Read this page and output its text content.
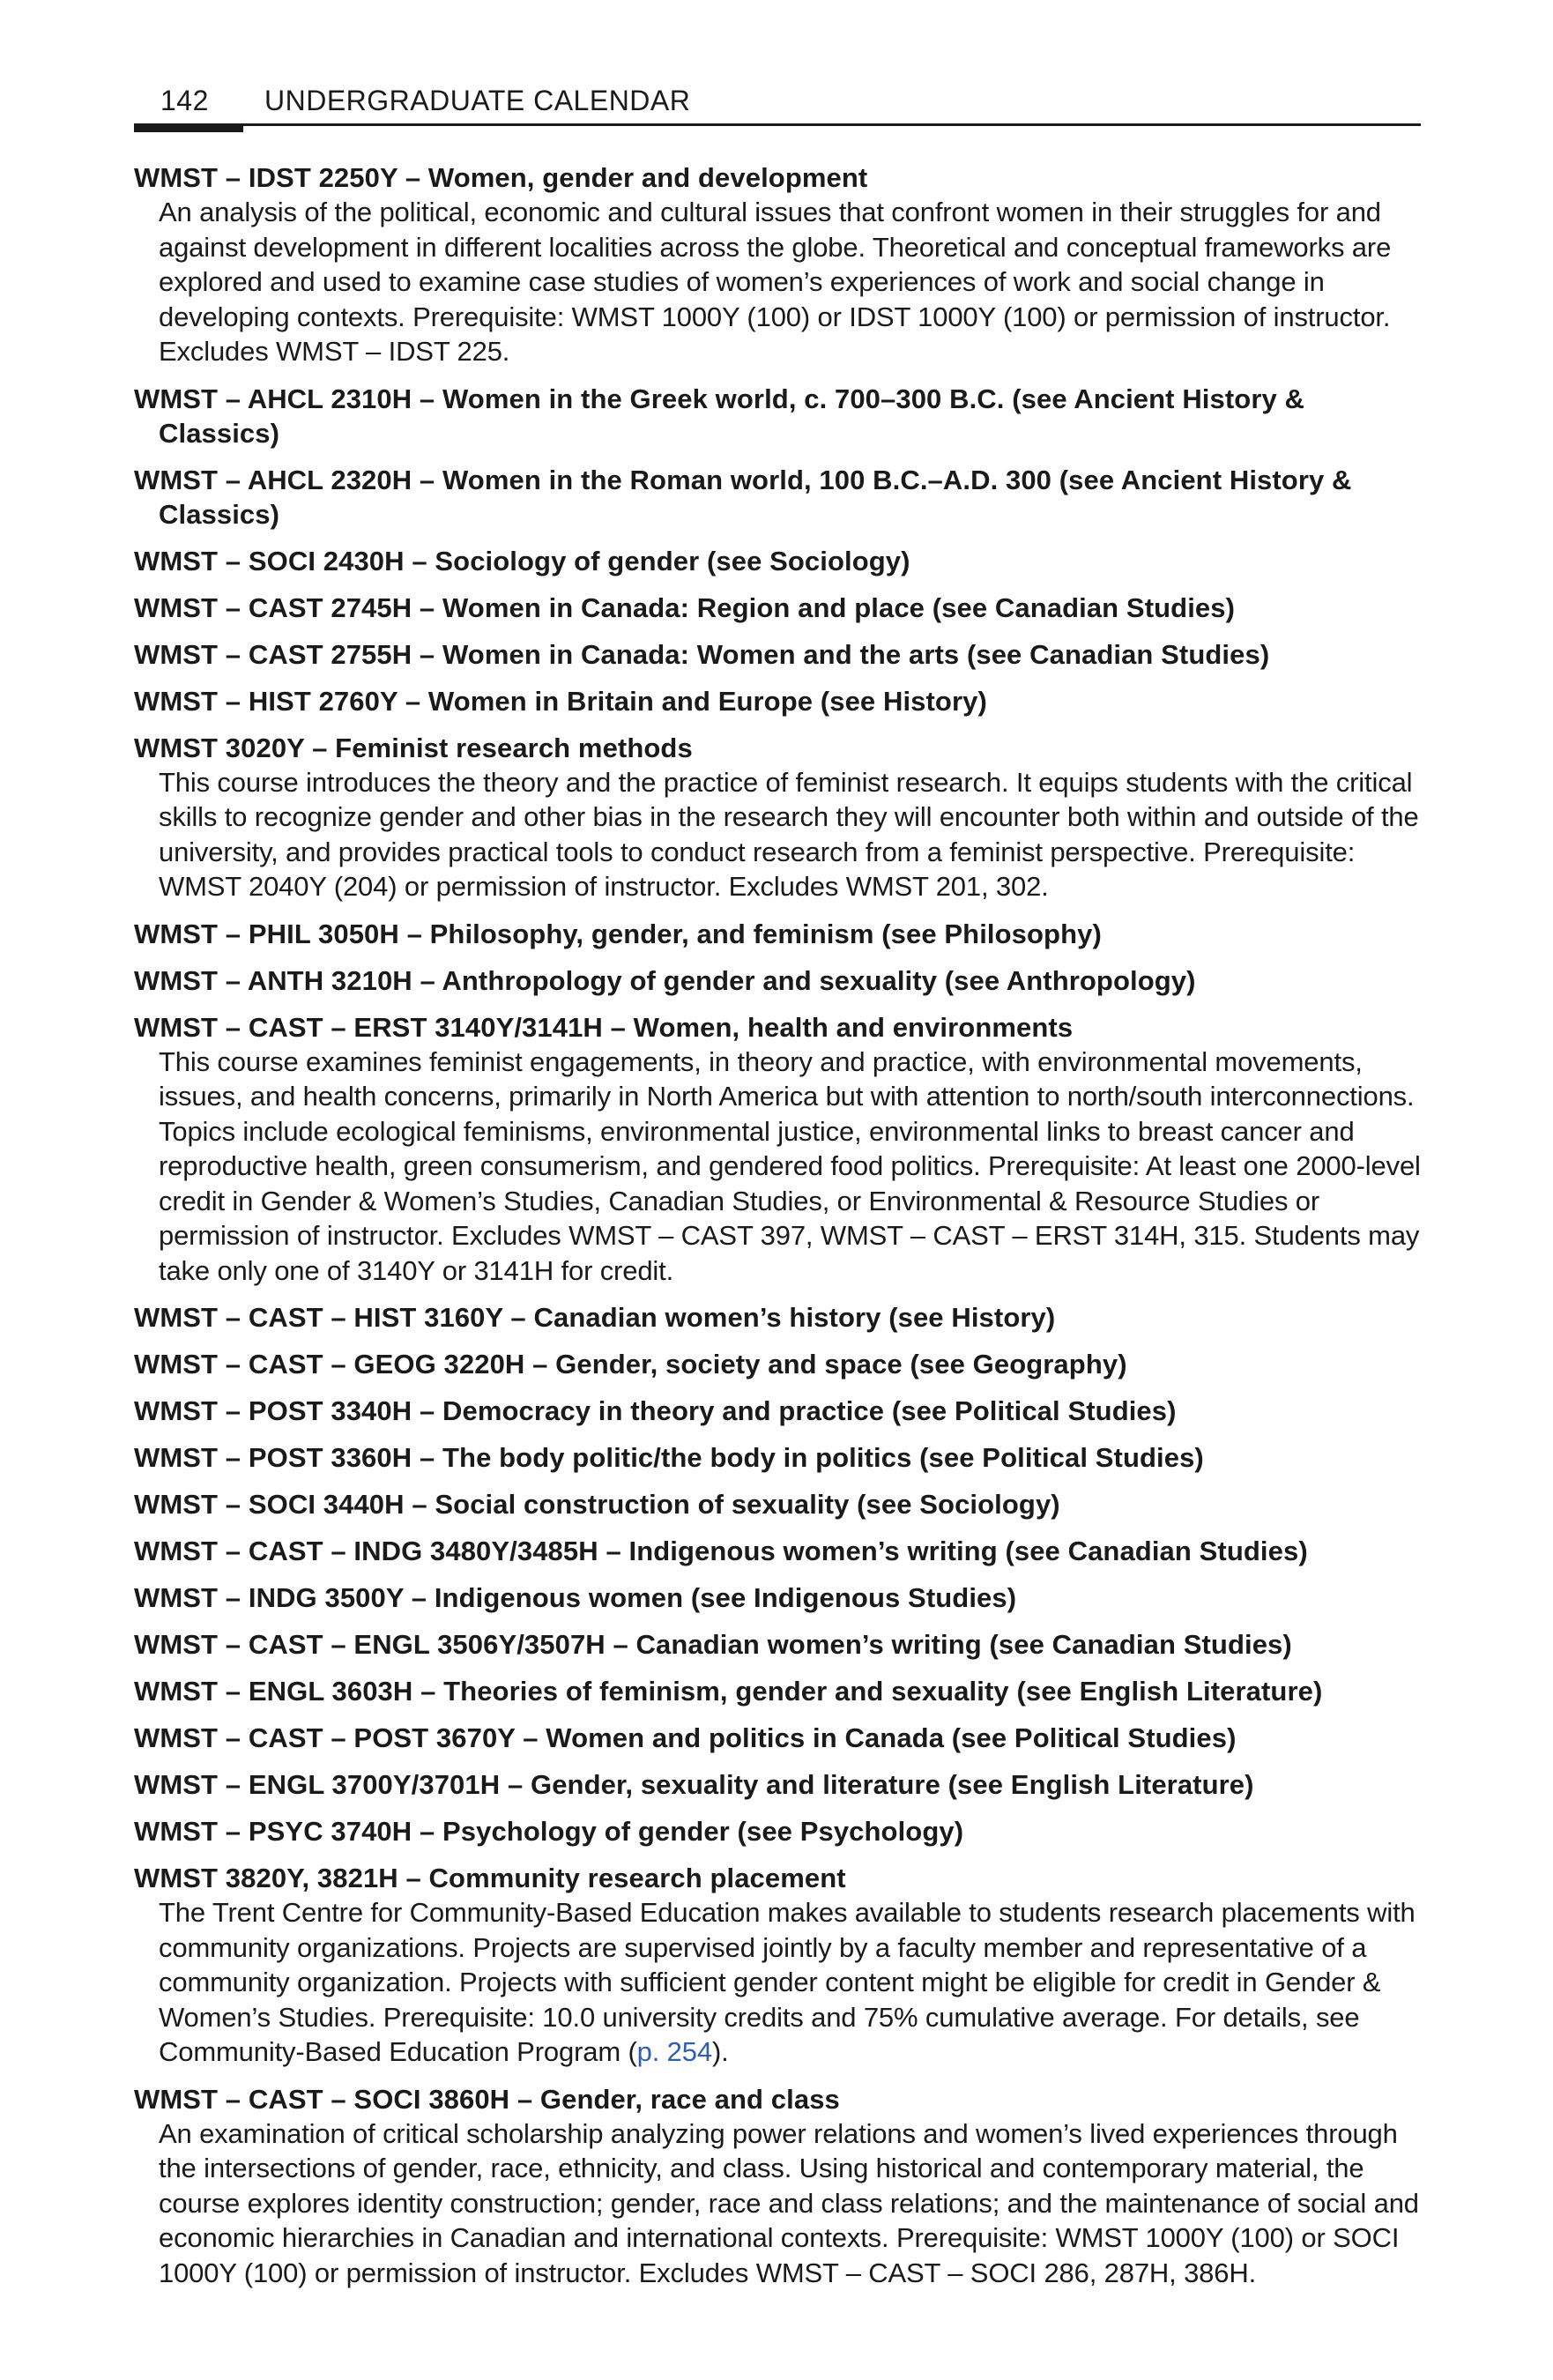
142 UNDERGRADUATE CALENDAR
WMST – IDST 2250Y – Women, gender and development
An analysis of the political, economic and cultural issues that confront women in their struggles for and against development in different localities across the globe. Theoretical and conceptual frameworks are explored and used to examine case studies of women’s experiences of work and social change in developing contexts. Prerequisite: WMST 1000Y (100) or IDST 1000Y (100) or permission of instructor. Excludes WMST – IDST 225.
WMST – AHCL 2310H – Women in the Greek world, c. 700–300 B.C. (see Ancient History & Classics)
WMST – AHCL 2320H – Women in the Roman world, 100 B.C.–A.D. 300 (see Ancient History & Classics)
WMST – SOCI 2430H – Sociology of gender (see Sociology)
WMST – CAST 2745H – Women in Canada: Region and place (see Canadian Studies)
WMST – CAST 2755H – Women in Canada: Women and the arts (see Canadian Studies)
WMST – HIST 2760Y – Women in Britain and Europe (see History)
WMST 3020Y – Feminist research methods
This course introduces the theory and the practice of feminist research. It equips students with the critical skills to recognize gender and other bias in the research they will encounter both within and outside of the university, and provides practical tools to conduct research from a feminist perspective. Prerequisite: WMST 2040Y (204) or permission of instructor. Excludes WMST 201, 302.
WMST – PHIL 3050H – Philosophy, gender, and feminism (see Philosophy)
WMST – ANTH 3210H – Anthropology of gender and sexuality (see Anthropology)
WMST – CAST – ERST 3140Y/3141H – Women, health and environments
This course examines feminist engagements, in theory and practice, with environmental movements, issues, and health concerns, primarily in North America but with attention to north/south interconnections. Topics include ecological feminisms, environmental justice, environmental links to breast cancer and reproductive health, green consumerism, and gendered food politics. Prerequisite: At least one 2000-level credit in Gender & Women’s Studies, Canadian Studies, or Environmental & Resource Studies or permission of instructor. Excludes WMST – CAST 397, WMST – CAST – ERST 314H, 315. Students may take only one of 3140Y or 3141H for credit.
WMST – CAST – HIST 3160Y – Canadian women’s history (see History)
WMST – CAST – GEOG 3220H – Gender, society and space (see Geography)
WMST – POST 3340H – Democracy in theory and practice (see Political Studies)
WMST – POST 3360H – The body politic/the body in politics (see Political Studies)
WMST – SOCI 3440H – Social construction of sexuality (see Sociology)
WMST – CAST – INDG 3480Y/3485H – Indigenous women’s writing (see Canadian Studies)
WMST – INDG 3500Y – Indigenous women (see Indigenous Studies)
WMST – CAST – ENGL 3506Y/3507H – Canadian women’s writing (see Canadian Studies)
WMST – ENGL 3603H – Theories of feminism, gender and sexuality (see English Literature)
WMST – CAST – POST 3670Y – Women and politics in Canada (see Political Studies)
WMST – ENGL 3700Y/3701H – Gender, sexuality and literature (see English Literature)
WMST – PSYC 3740H – Psychology of gender (see Psychology)
WMST 3820Y, 3821H – Community research placement
The Trent Centre for Community-Based Education makes available to students research placements with community organizations. Projects are supervised jointly by a faculty member and representative of a community organization. Projects with sufficient gender content might be eligible for credit in Gender & Women’s Studies. Prerequisite: 10.0 university credits and 75% cumulative average. For details, see Community-Based Education Program (p. 254).
WMST – CAST – SOCI 3860H – Gender, race and class
An examination of critical scholarship analyzing power relations and women’s lived experiences through the intersections of gender, race, ethnicity, and class. Using historical and contemporary material, the course explores identity construction; gender, race and class relations; and the maintenance of social and economic hierarchies in Canadian and international contexts. Prerequisite: WMST 1000Y (100) or SOCI 1000Y (100) or permission of instructor. Excludes WMST – CAST – SOCI 286, 287H, 386H.
